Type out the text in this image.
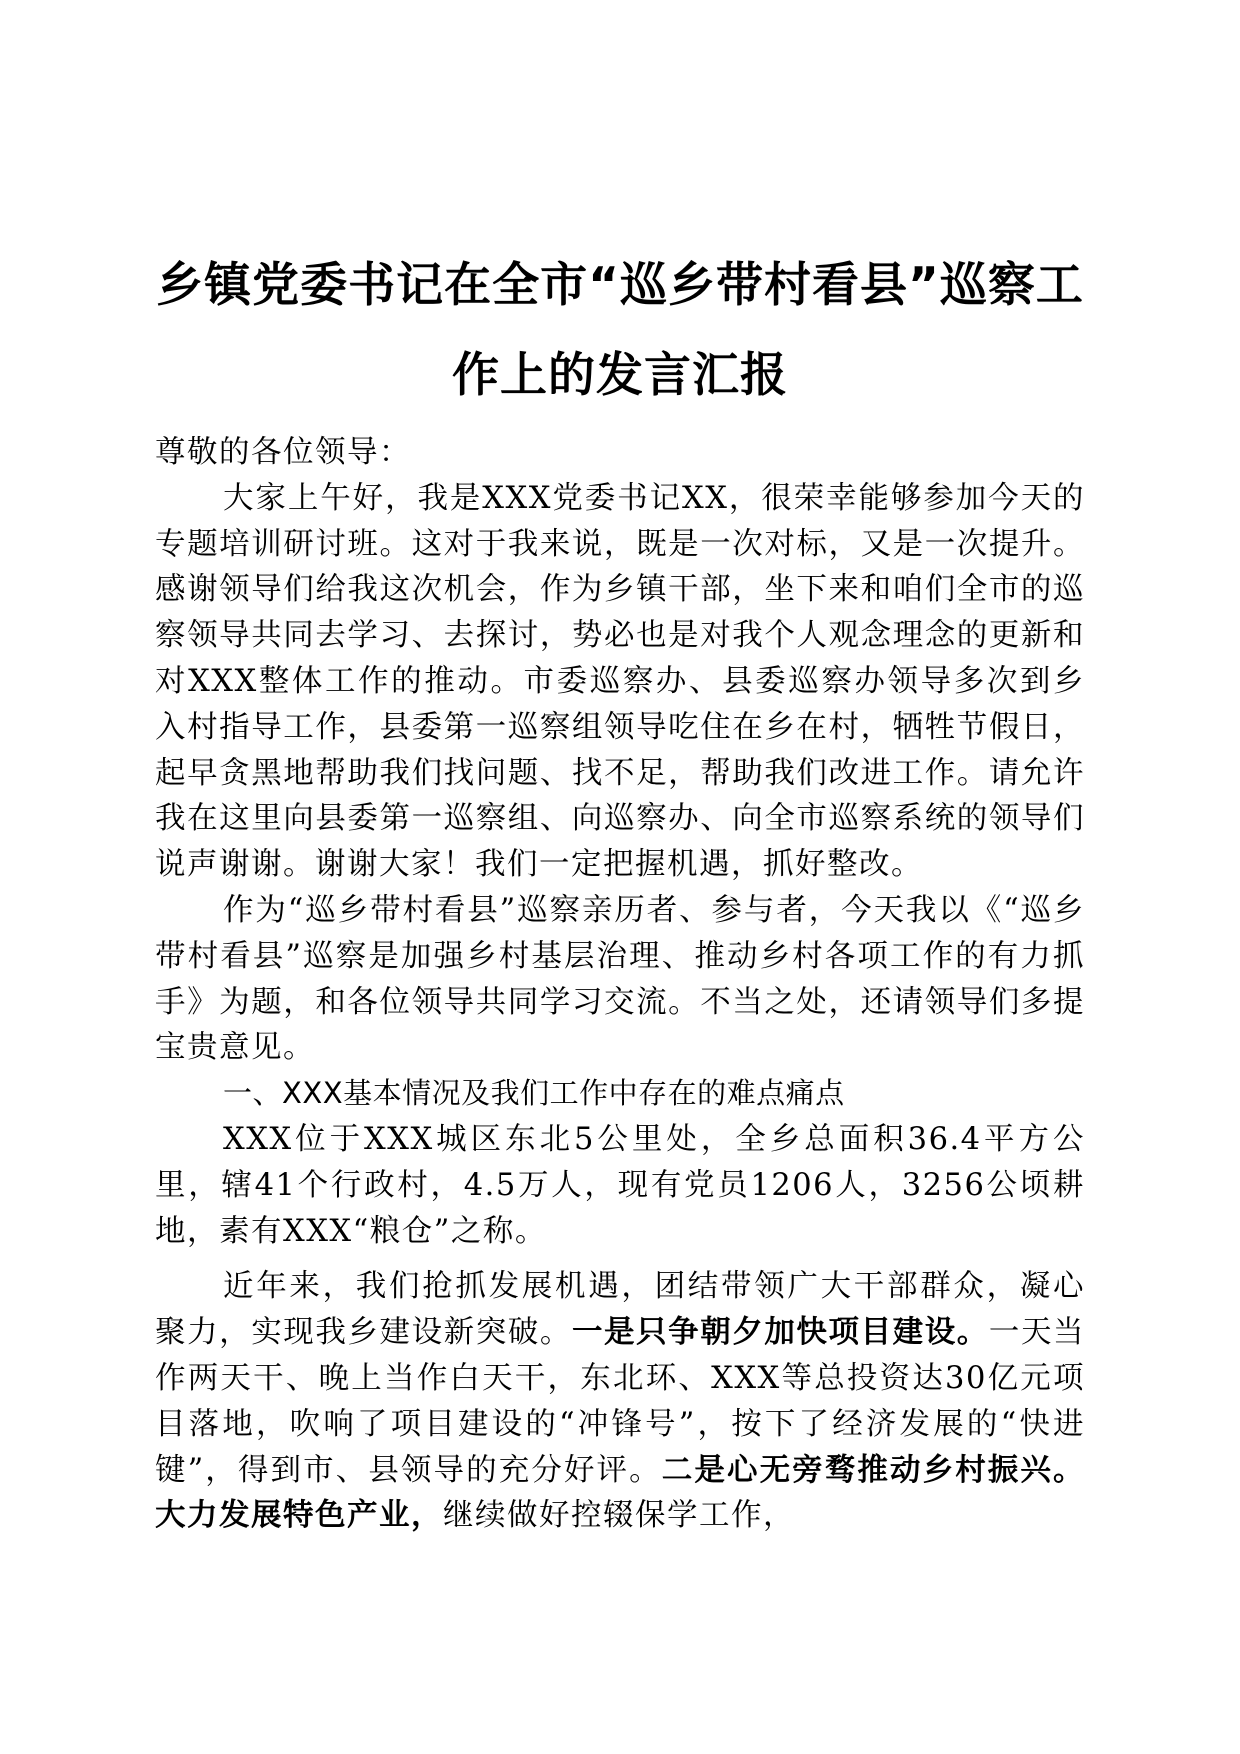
乡镇党委书记在全市“巡乡带村看县”巡察工
作上的发言汇报

尊敬的各位领导：

大家上午好，我是XXX党委书记XX，很荣幸能够参加今天的专题培训研讨班。这对于我来说，既是一次对标，又是一次提升。感谢领导们给我这次机会，作为乡镇干部，坐下来和咱们全市的巡察领导共同去学习、去探讨，势必也是对我个人观念理念的更新和对XXX整体工作的推动。市委巡察办、县委巡察办领导多次到乡入村指导工作，县委第一巡察组领导吃住在乡在村，牺牲节假日，起早贪黑地帮助我们找问题、找不足，帮助我们改进工作。请允许我在这里向县委第一巡察组、向巡察办、向全市巡察系统的领导们说声谢谢。谢谢大家！我们一定把握机遇，抓好整改。

作为“巡乡带村看县”巡察亲历者、参与者，今天我以《“巡乡带村看县”巡察是加强乡村基层治理、推动乡村各项工作的有力抓手》为题，和各位领导共同学习交流。不当之处，还请领导们多提宝贵意见。

一、XXX基本情况及我们工作中存在的难点痛点

XXX位于XXX城区东北5公里处，全乡总面积36.4平方公里，辖41个行政村，4.5万人，现有党员1206人，3256公顷耕地，素有XXX“粮仓”之称。

近年来，我们抢抓发展机遇，团结带领广大干部群众，凝心聚力，实现我乡建设新突破。一是只争朝夕加快项目建设。一天当作两天干、晚上当作白天干，东北环、XXX等总投资达30亿元项目落地，吹响了项目建设的“冲锋号”，按下了经济发展的“快进键”，得到市、县领导的充分好评。二是心无旁骛推动乡村振兴。大力发展特色产业，继续做好控辍保学工作，
